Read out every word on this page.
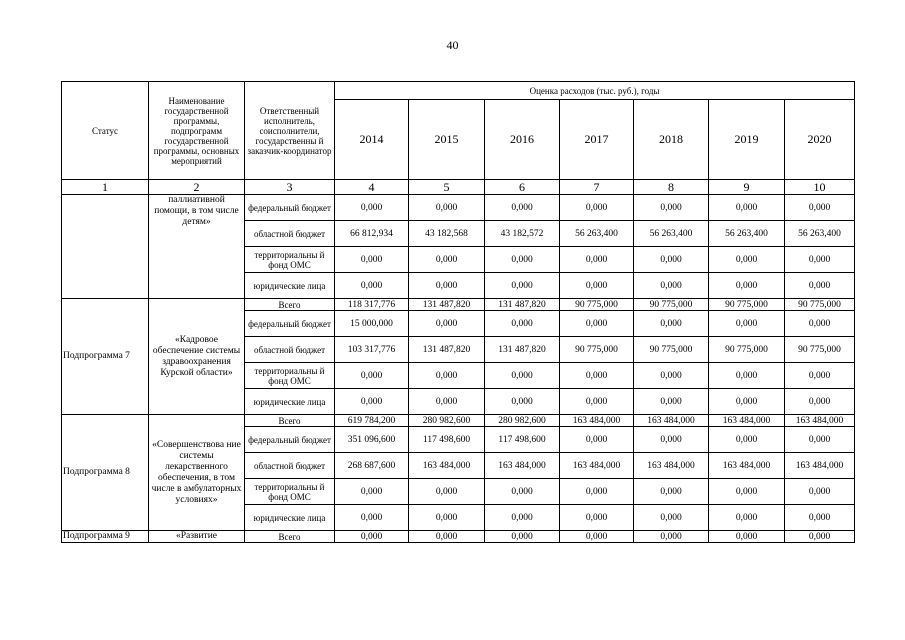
40
Статус	Наименование государственной программы, подпрограмм государственной программы, основных мероприятий	Ответственный исполнитель, соисполнители, государственны й заказчик-координатор	Оценка расходов (тыс. руб.), годы						
			2014	2015	2016	2017	2018	2019	2020
1	2	3	4	5	6	7	8	9	10
	паллиативной помощи, в том числе детям»	федеральный бюджет	0,000	0,000	0,000	0,000	0,000	0,000	0,000
		областной бюджет	66 812,934	43 182,568	43 182,572	56 263,400	56 263,400	56 263,400	56 263,400
		территориальны й фонд ОМС	0,000	0,000	0,000	0,000	0,000	0,000	0,000
		юридические лица	0,000	0,000	0,000	0,000	0,000	0,000	0,000
Подпрограмма 7	«Кадровое обеспечение системы здравоохранения Курской области»	Всего	118 317,776	131 487,820	131 487,820	90 775,000	90 775,000	90 775,000	90 775,000
		федеральный бюджет	15 000,000	0,000	0,000	0,000	0,000	0,000	0,000
		областной бюджет	103 317,776	131 487,820	131 487,820	90 775,000	90 775,000	90 775,000	90 775,000
		территориальны й фонд ОМС	0,000	0,000	0,000	0,000	0,000	0,000	0,000
		юридические лица	0,000	0,000	0,000	0,000	0,000	0,000	0,000
Подпрограмма 8	«Совершенствова ние системы лекарственного обеспечения, в том числе в амбулаторных условиях»	Всего	619 784,200	280 982,600	280 982,600	163 484,000	163 484,000	163 484,000	163 484,000
		федеральный бюджет	351 096,600	117 498,600	117 498,600	0,000	0,000	0,000	0,000
		областной бюджет	268 687,600	163 484,000	163 484,000	163 484,000	163 484,000	163 484,000	163 484,000
		территориальны й фонд ОМС	0,000	0,000	0,000	0,000	0,000	0,000	0,000
		юридические лица	0,000	0,000	0,000	0,000	0,000	0,000	0,000
Подпрограмма 9	«Развитие	Всего	0,000	0,000	0,000	0,000	0,000	0,000	0,000
